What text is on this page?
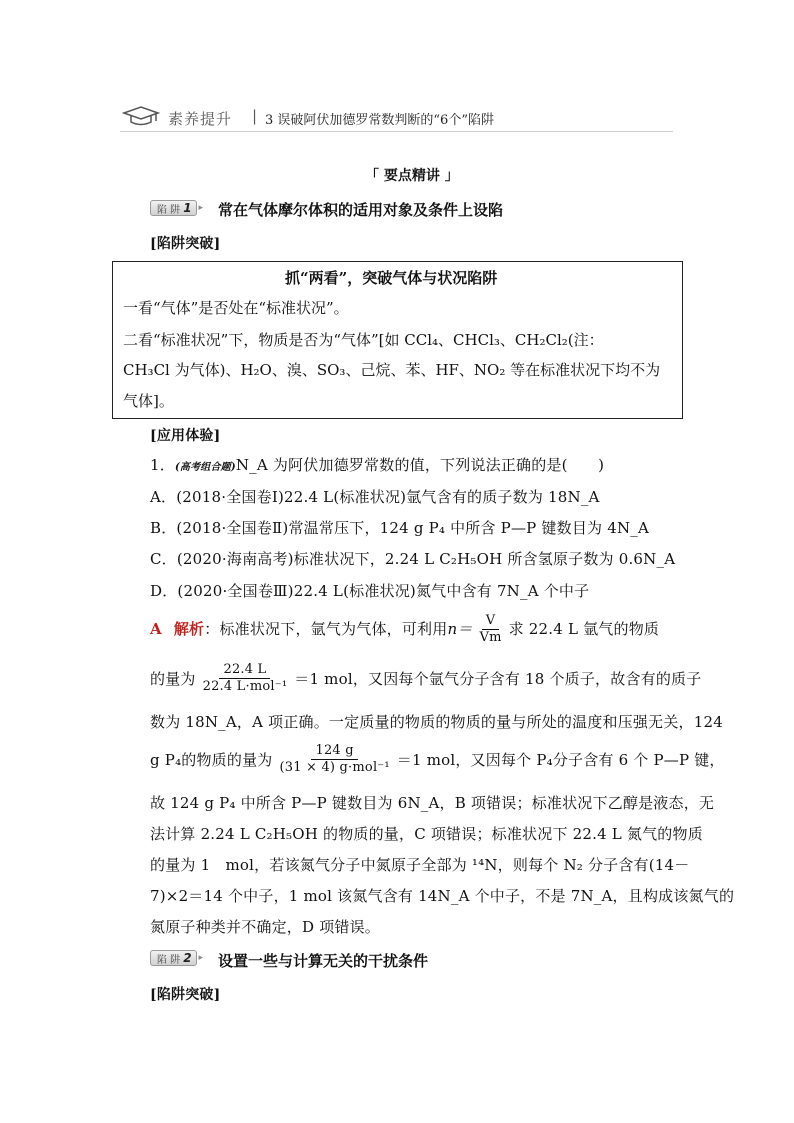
素养提升 | 3 误破阿伏加德罗常数判断的“6个”陷阱
「 要点精讲 」
陷 阱 1 ▸ 常在气体摩尔体积的适用对象及条件上设陷
[陷阱突破]
抓“两看”，突破气体与状况陷阱
一看“气体”是否处在“标准状况”。
二看“标准状况”下，物质是否为“气体”[如 CCl₄、CHCl₃、CH₂Cl₂(注：
CH₃Cl 为气体)、H₂O、溴、SO₃、己烷、苯、HF、NO₂ 等在标准状况下均不为
气体]。
[应用体验]
1．(高考组合题)N_A 为阿伏加德罗常数的值，下列说法正确的是(　　)
A．(2018·全国卷Ⅰ)22.4 L(标准状况)氩气含有的质子数为 18N_A
B．(2018·全国卷Ⅱ)常温常压下，124 g P₄ 中所含 P—P 键数目为 4N_A
C．(2020·海南高考)标准状况下，2.24 L C₂H₅OH 所含氢原子数为 0.6N_A
D．(2020·全国卷Ⅲ)22.4 L(标准状况)氮气中含有 7N_A 个中子
A 解析 ：标准状况下，氩气为气体，可利用 $n= \frac{V}{Vm}$ 求 22.4 L 氩气的物质
的量为 $\frac{22.4 L}{\text{22.4 L·mol⁻¹}} =1$ mol，又因每个氩气分子含有 18 个质子，故含有的质子
数为 18N_A，A 项正确。一定质量的物质的物质的量与所处的温度和压强无关，124
g P₄的物质的量为 $\frac{124 g}{\text{(31 × 4) g·mol⁻¹}} =1$ mol，又因每个 P₄分子含有 6 个 P—P 键，
故 124 g P₄ 中所含 P—P 键数目为 6N_A，B 项错误；标准状况下乙醇是液态，无
法计算 2.24 L C₂H₅OH 的物质的量，C 项错误；标准状况下 22.4 L 氮气的物质
的量为 1　mol，若该氮气分子中氮原子全部为 ¹⁴N，则每个 N₂ 分子含有(14－
7)×2＝14 个中子，1 mol 该氮气含有 14N_A 个中子，不是 7N_A，且构成该氮气的
氮原子种类并不确定，D 项错误。
陷 阱 2 ▸ 设置一些与计算无关的干扰条件
[陷阱突破]
